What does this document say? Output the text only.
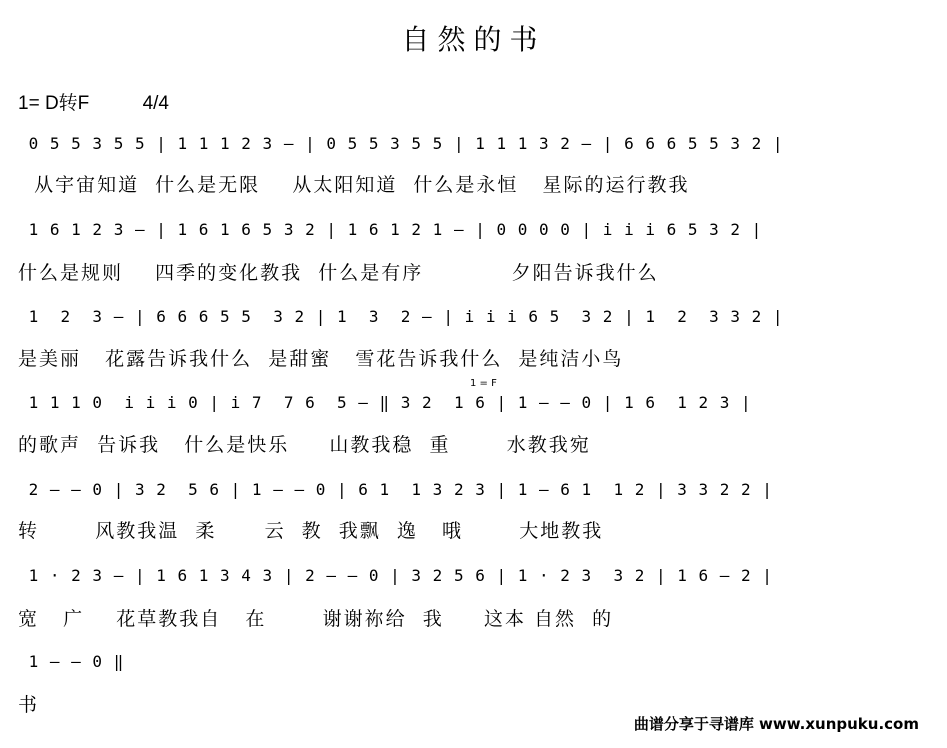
自然的书
1= D转F	4/4
0 5 5 3 5 5 | 1 1 1 2 3 – | 0 5 5 3 5 5 | 1 1 1 3 2 – | 6 6 6 5 5 3 2 |
从宇宙知道  什么是无限    从太阳知道  什么是永恒   星际的运行教我
1 6 1 2 3 – | 1 6 1 6 5 3 2 | 1 6 1 2 1 – | 0 0 0 0 | i i i 6 5 3 2 |
什么是规则    四季的变化教我  什么是有序           夕阳告诉我什么
1  2  3 – | 6 6 6 5 5  3 2 | 1  3  2 – | i i i 6 5  3 2 | 1  2  3 3 2 |
是美丽   花露告诉我什么  是甜蜜   雪花告诉我什么  是纯洁小鸟
1 = F
1 1 1 0  i i i 0 | i 7  7 6  5 – ‖ 3 2  1 6 | 1 – – 0 | 1 6  1 2 3 |
的歌声  告诉我   什么是快乐     山教我稳  重       水教我宛
2 – – 0 | 3 2  5 6 | 1 – – 0 | 6 1  1 3 2 3 | 1 – 6 1  1 2 | 3 3 2 2 |
转       风教我温  柔      云  教  我飘  逸   哦       大地教我
1 · 2 3 – | 1 6 1 3 4 3 | 2 – – 0 | 3 2 5 6 | 1 · 2 3  3 2 | 1 6 – 2 |
宽   广    花草教我自   在       谢谢祢给  我     这本 自然  的
1 – – 0 ‖
书
曲谱分享于寻谱库 www.xunpuku.com
